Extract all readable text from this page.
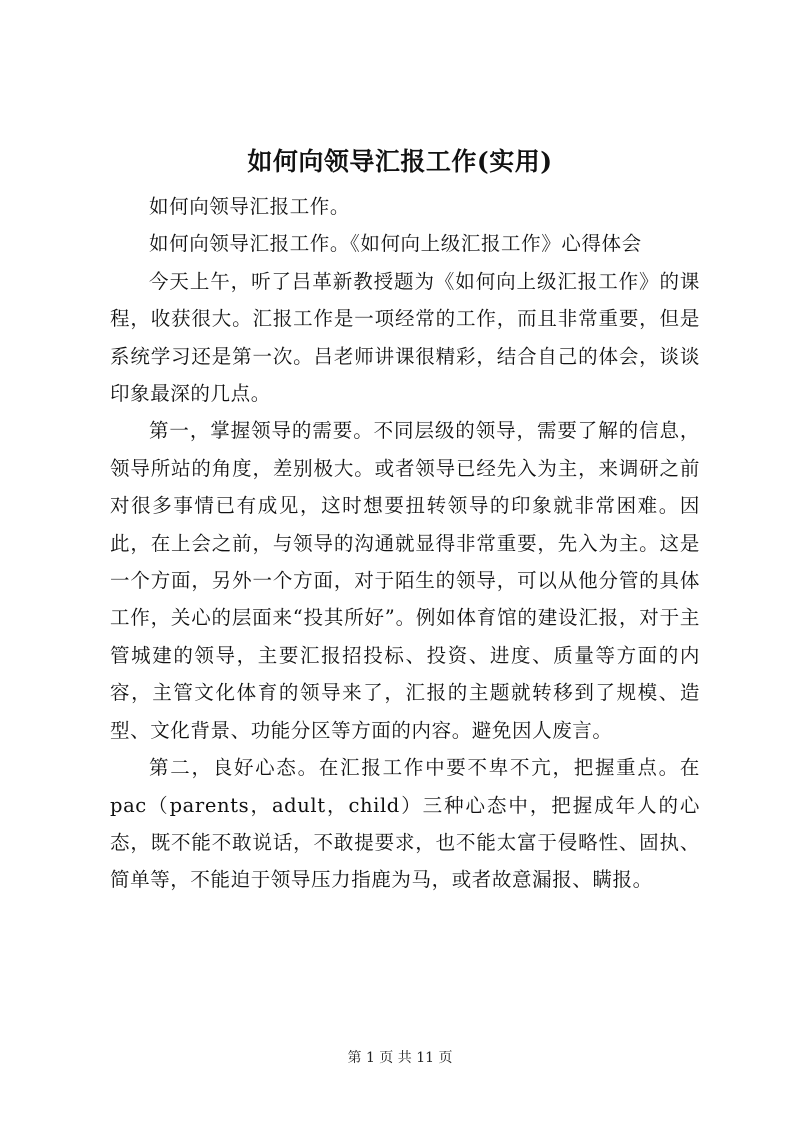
如何向领导汇报工作(实用)

如何向领导汇报工作。

如何向领导汇报工作。《如何向上级汇报工作》心得体会

今天上午，听了吕革新教授题为《如何向上级汇报工作》的课程，收获很大。汇报工作是一项经常的工作，而且非常重要，但是系统学习还是第一次。吕老师讲课很精彩，结合自己的体会，谈谈印象最深的几点。

第一，掌握领导的需要。不同层级的领导，需要了解的信息，领导所站的角度，差别极大。或者领导已经先入为主，来调研之前对很多事情已有成见，这时想要扭转领导的印象就非常困难。因此，在上会之前，与领导的沟通就显得非常重要，先入为主。这是一个方面，另外一个方面，对于陌生的领导，可以从他分管的具体工作，关心的层面来“投其所好”。例如体育馆的建设汇报，对于主管城建的领导，主要汇报招投标、投资、进度、质量等方面的内容，主管文化体育的领导来了，汇报的主题就转移到了规模、造型、文化背景、功能分区等方面的内容。避免因人废言。

第二，良好心态。在汇报工作中要不卑不亢，把握重点。在pac（parents，adult，child）三种心态中，把握成年人的心态，既不能不敢说话，不敢提要求，也不能太富于侵略性、固执、简单等，不能迫于领导压力指鹿为马，或者故意漏报、瞒报。

第 1 页 共 11 页
